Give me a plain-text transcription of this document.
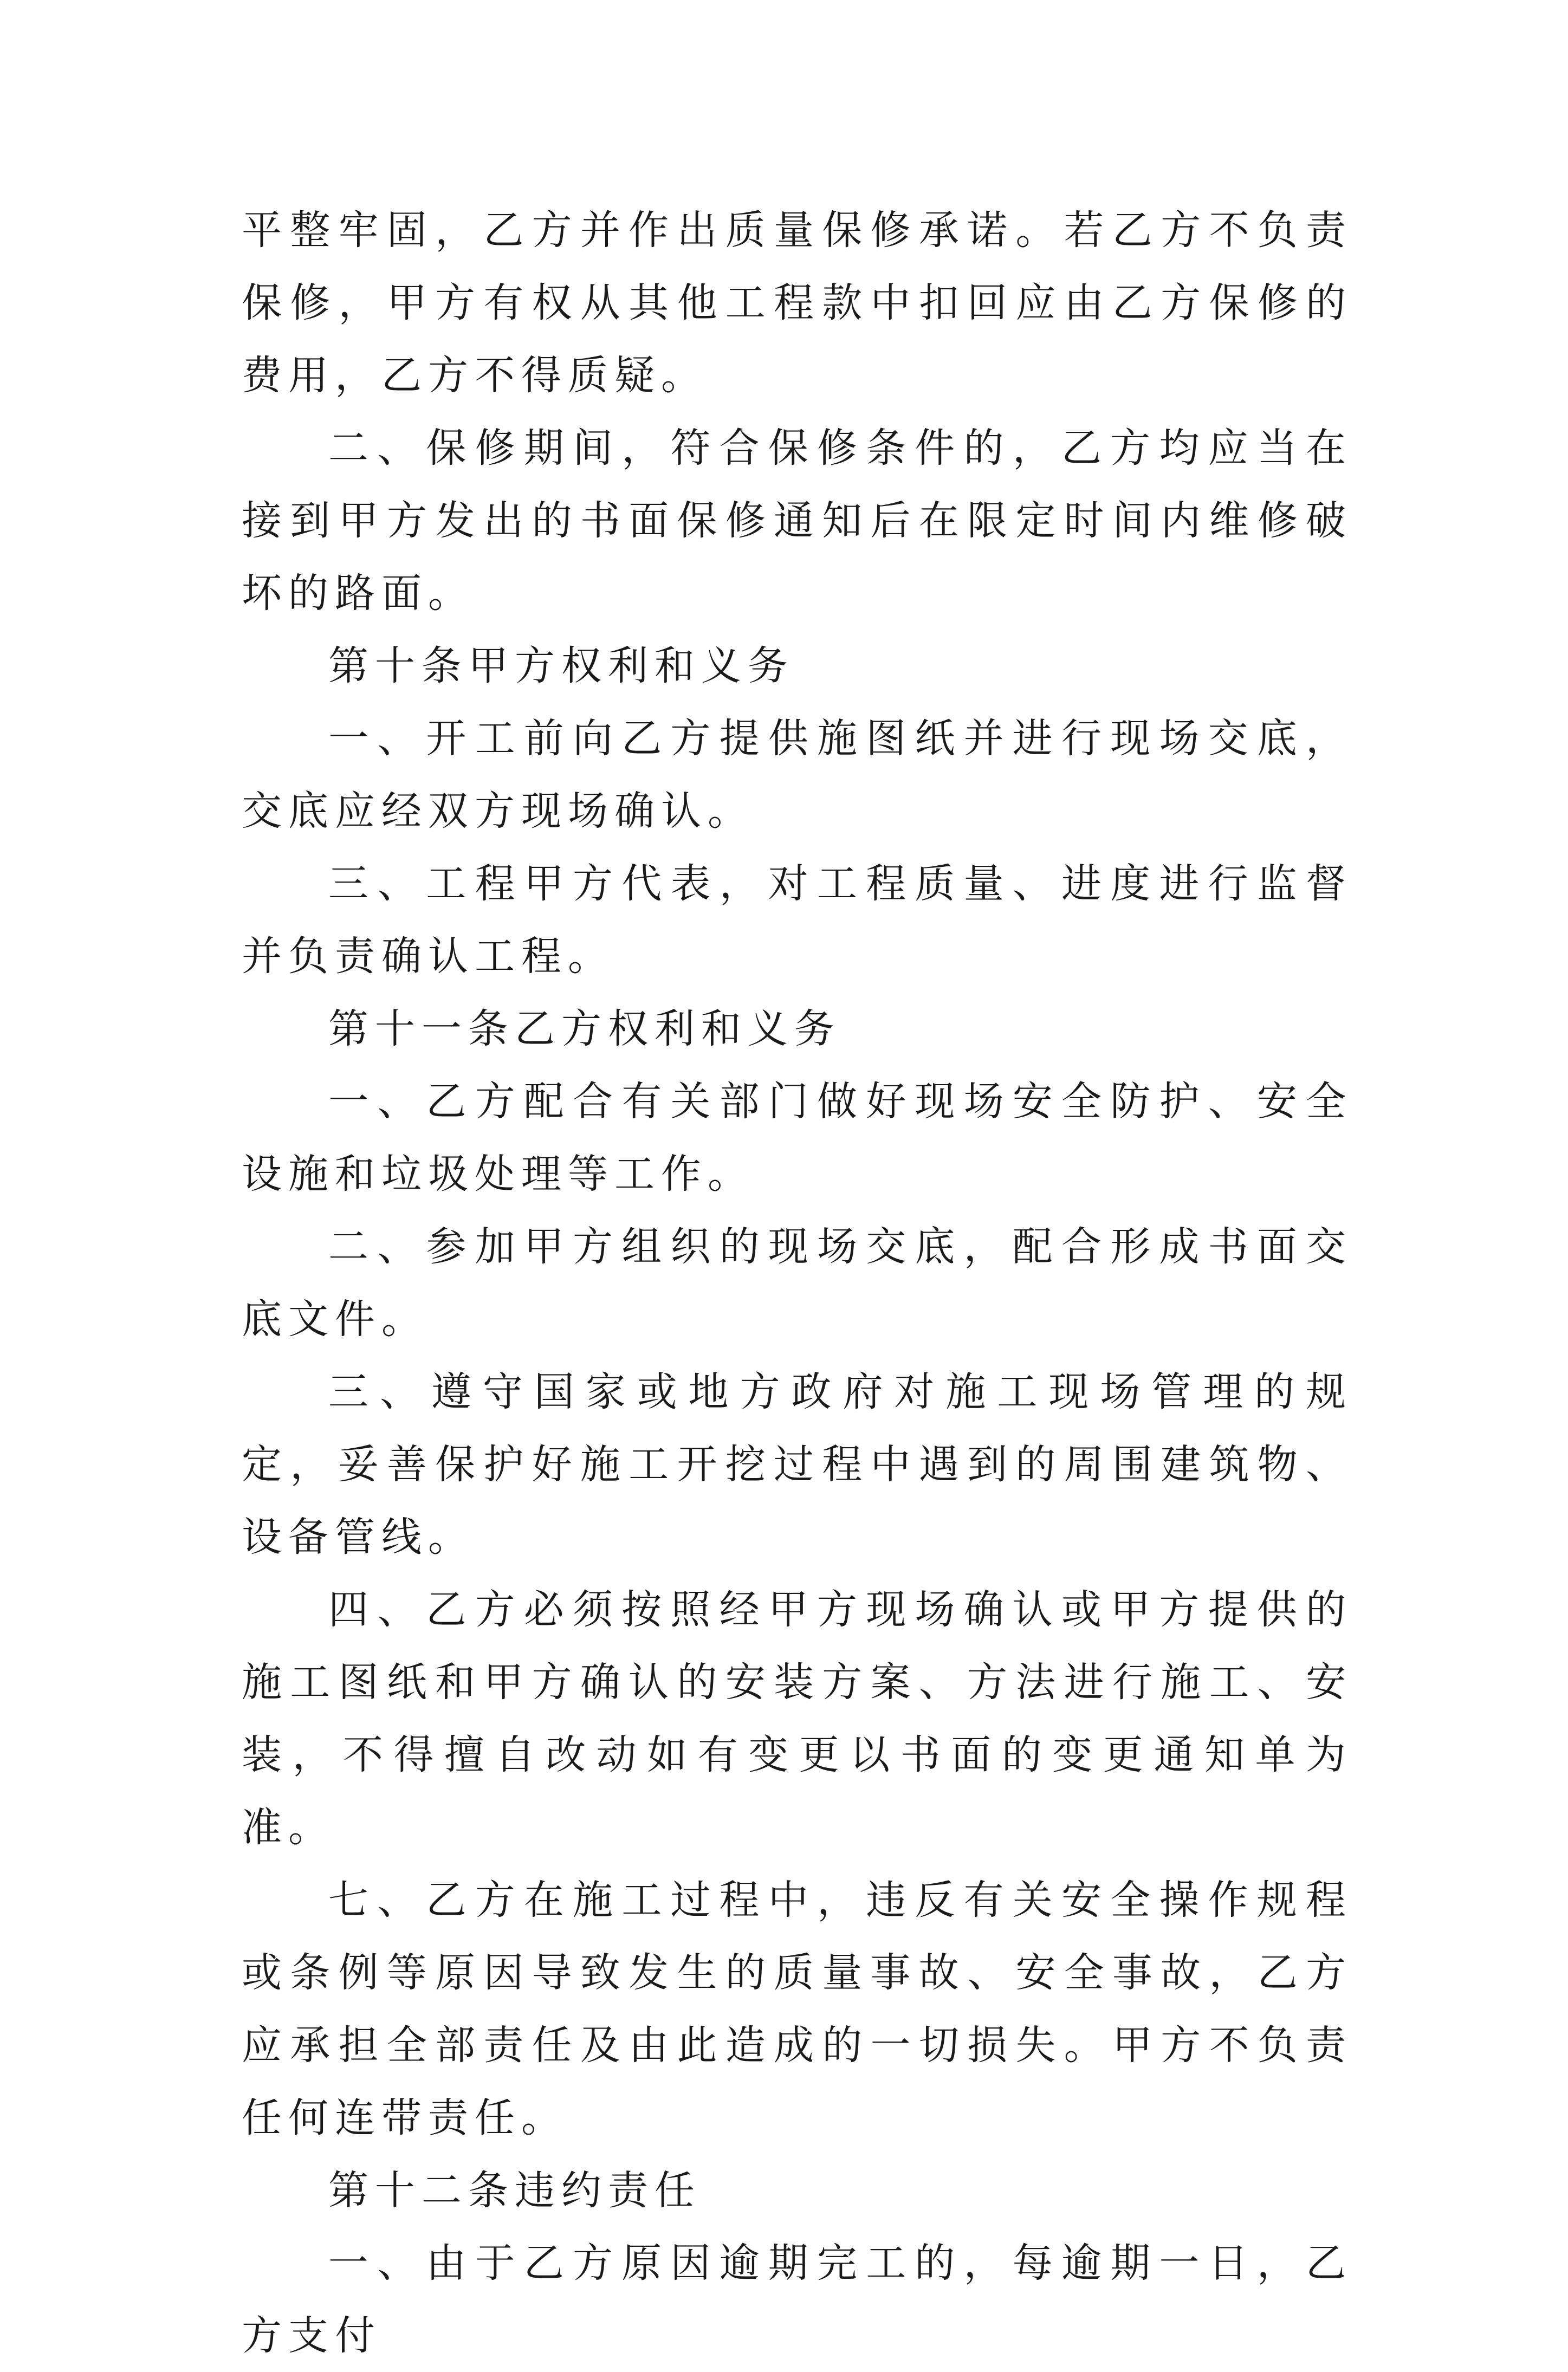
平整牢固，乙方并作出质量保修承诺。若乙方不负责保修，甲方有权从其他工程款中扣回应由乙方保修的费用，乙方不得质疑。

二、保修期间，符合保修条件的，乙方均应当在接到甲方发出的书面保修通知后在限定时间内维修破坏的路面。

第十条甲方权利和义务

一、开工前向乙方提供施图纸并进行现场交底，交底应经双方现场确认。

三、工程甲方代表，对工程质量、进度进行监督并负责确认工程。

第十一条乙方权利和义务

一、乙方配合有关部门做好现场安全防护、安全设施和垃圾处理等工作。

二、参加甲方组织的现场交底，配合形成书面交底文件。

三、遵守国家或地方政府对施工现场管理的规定，妥善保护好施工开挖过程中遇到的周围建筑物、设备管线。

四、乙方必须按照经甲方现场确认或甲方提供的施工图纸和甲方确认的安装方案、方法进行施工、安装，不得擅自改动如有变更以书面的变更通知单为准。

七、乙方在施工过程中，违反有关安全操作规程或条例等原因导致发生的质量事故、安全事故，乙方应承担全部责任及由此造成的一切损失。甲方不负责任何连带责任。

第十二条违约责任

一、由于乙方原因逾期完工的，每逾期一日，乙方支付
